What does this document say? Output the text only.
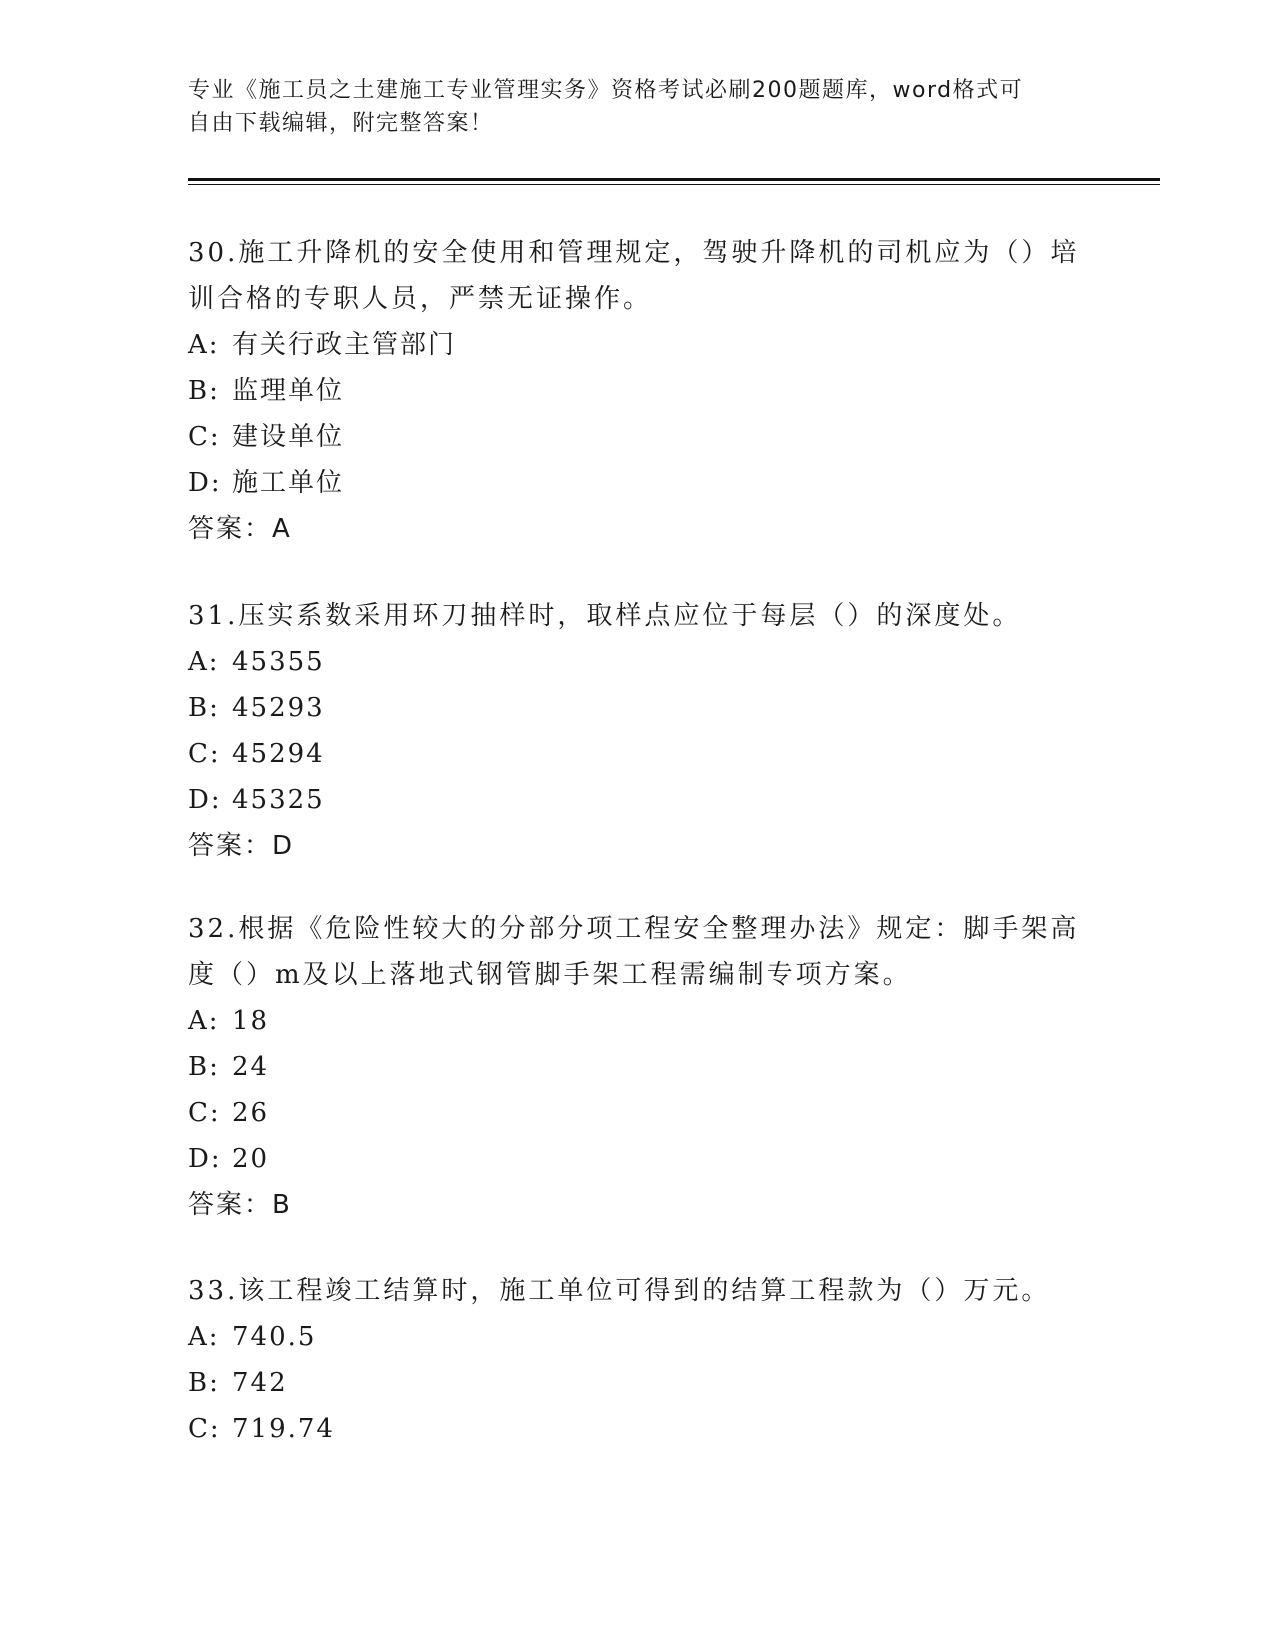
专业《施工员之土建施工专业管理实务》资格考试必刷200题题库，word格式可
自由下载编辑，附完整答案！

30.施工升降机的安全使用和管理规定，驾驶升降机的司机应为（）培

训合格的专职人员，严禁无证操作。

A: 有关行政主管部门

B: 监理单位

C: 建设单位

D: 施工单位

答案：A

31.压实系数采用环刀抽样时，取样点应位于每层（）的深度处。

A: 45355

B: 45293

C: 45294

D: 45325

答案：D

32.根据《危险性较大的分部分项工程安全整理办法》规定：脚手架高

度（）m及以上落地式钢管脚手架工程需编制专项方案。

A: 18

B: 24

C: 26

D: 20

答案：B

33.该工程竣工结算时，施工单位可得到的结算工程款为（）万元。

A: 740.5

B: 742

C: 719.74
